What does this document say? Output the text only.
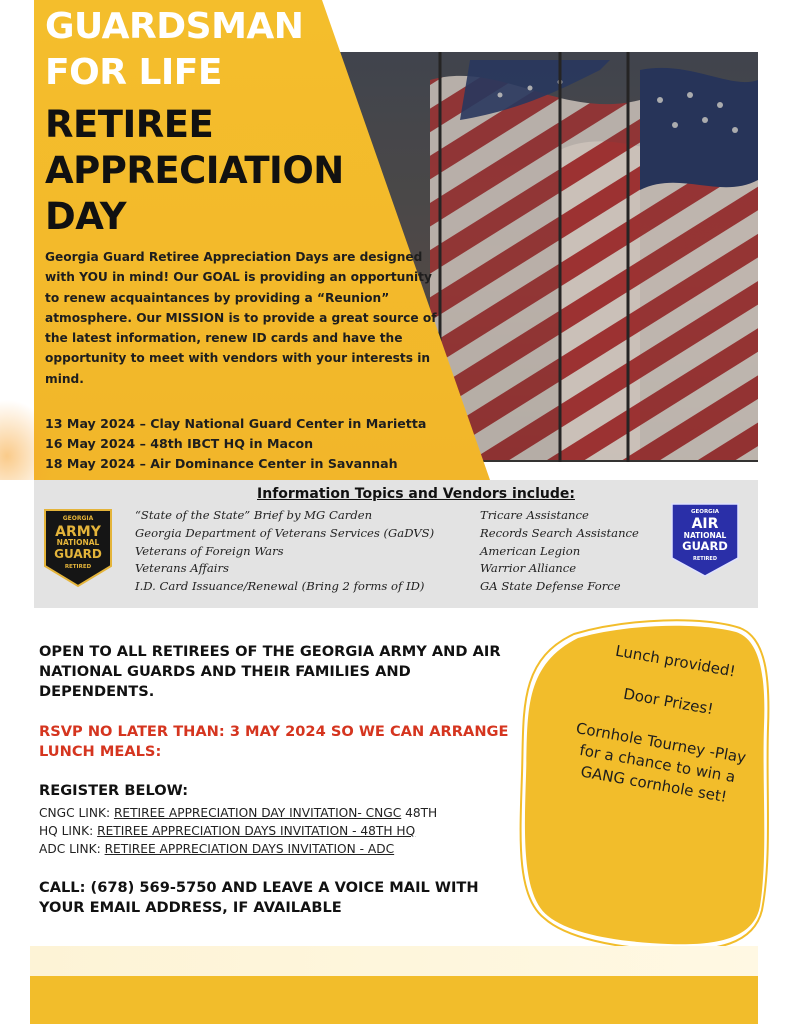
GUARDSMAN
FOR LIFE
RETIREE
APPRECIATION
DAY
Georgia Guard Retiree Appreciation Days are designed with YOU in mind! Our GOAL is providing an opportunity to renew acquaintances by providing a “Reunion” atmosphere. Our MISSION is to provide a great source of the latest information, renew ID cards and have the opportunity to meet with vendors with your interests in mind.
13 May 2024 – Clay National Guard Center in Marietta
16 May 2024 – 48th IBCT HQ in Macon
18 May 2024 – Air Dominance Center in Savannah
Information Topics and Vendors include:
GEORGIA
ARMY
NATIONAL
GUARD
RETIRED
“State of the State” Brief by MG Carden
Georgia Department of Veterans Services (GaDVS)
Veterans of Foreign Wars
Veterans Affairs
I.D. Card Issuance/Renewal (Bring 2 forms of ID)
Tricare Assistance
Records Search Assistance
American Legion
Warrior Alliance
GA State Defense Force
GEORGIA
AIR
NATIONAL
GUARD
RETIRED
OPEN TO ALL RETIREES OF THE GEORGIA ARMY AND AIR NATIONAL GUARDS AND THEIR FAMILIES AND DEPENDENTS.
RSVP NO LATER THAN: 3 MAY 2024 SO WE CAN ARRANGE LUNCH MEALS:
REGISTER BELOW:
CNGC LINK: RETIREE APPRECIATION DAY INVITATION- CNGC 48TH
HQ LINK: RETIREE APPRECIATION DAYS INVITATION - 48TH HQ
ADC LINK: RETIREE APPRECIATION DAYS INVITATION - ADC
CALL: (678) 569-5750 AND LEAVE A VOICE MAIL WITH YOUR EMAIL ADDRESS, IF AVAILABLE
Lunch provided!
Door Prizes!
Cornhole Tourney -Play for a chance to win a GANG cornhole set!
